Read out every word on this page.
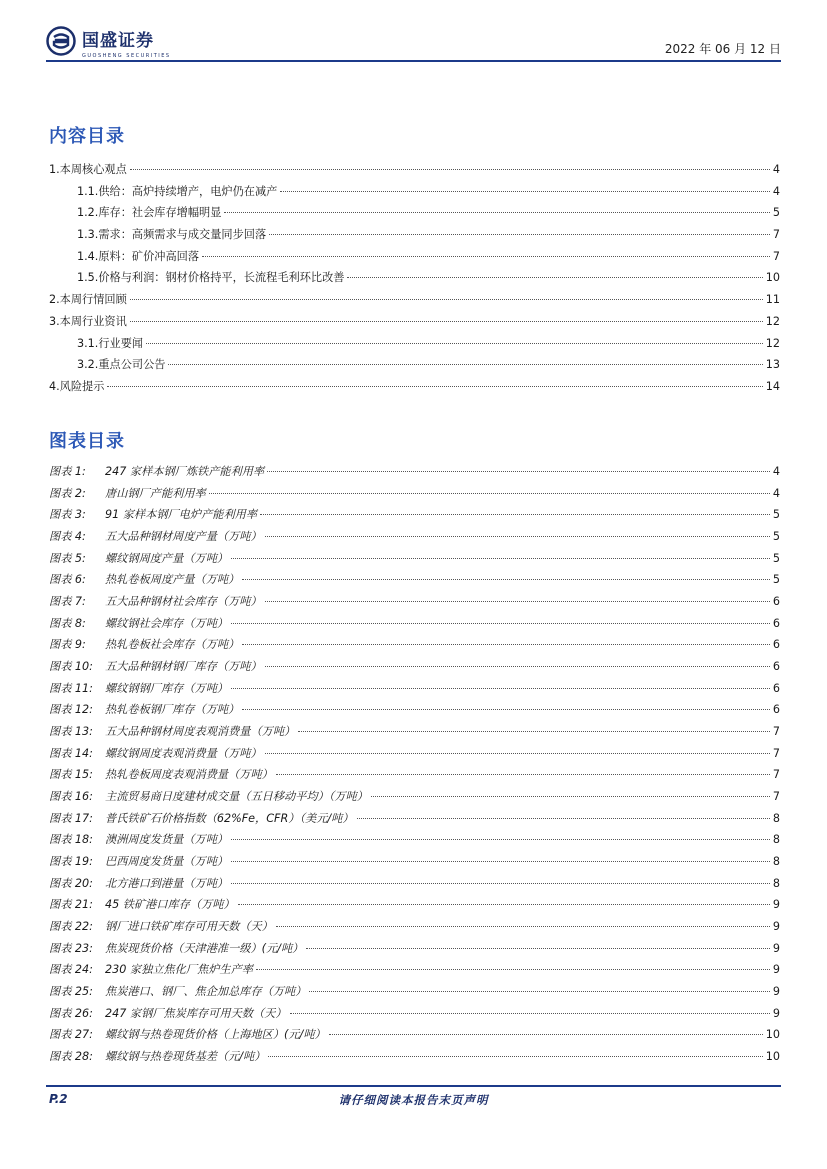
国盛证券
GUOSHENG SECURITIES	2022 年 06 月 12 日
内容目录
1.本周核心观点	4
1.1.供给：高炉持续增产，电炉仍在减产	4
1.2.库存：社会库存增幅明显	5
1.3.需求：高频需求与成交量同步回落	7
1.4.原料：矿价冲高回落	7
1.5.价格与利润：钢材价格持平，长流程毛利环比改善	10
2.本周行情回顾	11
3.本周行业资讯	12
3.1.行业要闻	12
3.2.重点公司公告	13
4.风险提示	14
图表目录
图表 1:	247 家样本钢厂炼铁产能利用率	4
图表 2:	唐山钢厂产能利用率	4
图表 3:	91 家样本钢厂电炉产能利用率	5
图表 4:	五大品种钢材周度产量（万吨）	5
图表 5:	螺纹钢周度产量（万吨）	5
图表 6:	热轧卷板周度产量（万吨）	5
图表 7:	五大品种钢材社会库存（万吨）	6
图表 8:	螺纹钢社会库存（万吨）	6
图表 9:	热轧卷板社会库存（万吨）	6
图表 10:	五大品种钢材钢厂库存（万吨）	6
图表 11:	螺纹钢钢厂库存（万吨）	6
图表 12:	热轧卷板钢厂库存（万吨）	6
图表 13:	五大品种钢材周度表观消费量（万吨）	7
图表 14:	螺纹钢周度表观消费量（万吨）	7
图表 15:	热轧卷板周度表观消费量（万吨）	7
图表 16:	主流贸易商日度建材成交量（五日移动平均）（万吨）	7
图表 17:	普氏铁矿石价格指数（62%Fe，CFR）（美元/吨）	8
图表 18:	澳洲周度发货量（万吨）	8
图表 19:	巴西周度发货量（万吨）	8
图表 20:	北方港口到港量（万吨）	8
图表 21:	45 铁矿港口库存（万吨）	9
图表 22:	钢厂进口铁矿库存可用天数（天）	9
图表 23:	焦炭现货价格（天津港准一级）(元/吨）	9
图表 24:	230 家独立焦化厂焦炉生产率	9
图表 25:	焦炭港口、钢厂、焦企加总库存（万吨）	9
图表 26:	247 家钢厂焦炭库存可用天数（天）	9
图表 27:	螺纹钢与热卷现货价格（上海地区）(元/吨）	10
图表 28:	螺纹钢与热卷现货基差（元/吨）	10
请仔细阅读本报告末页声明
P.2
